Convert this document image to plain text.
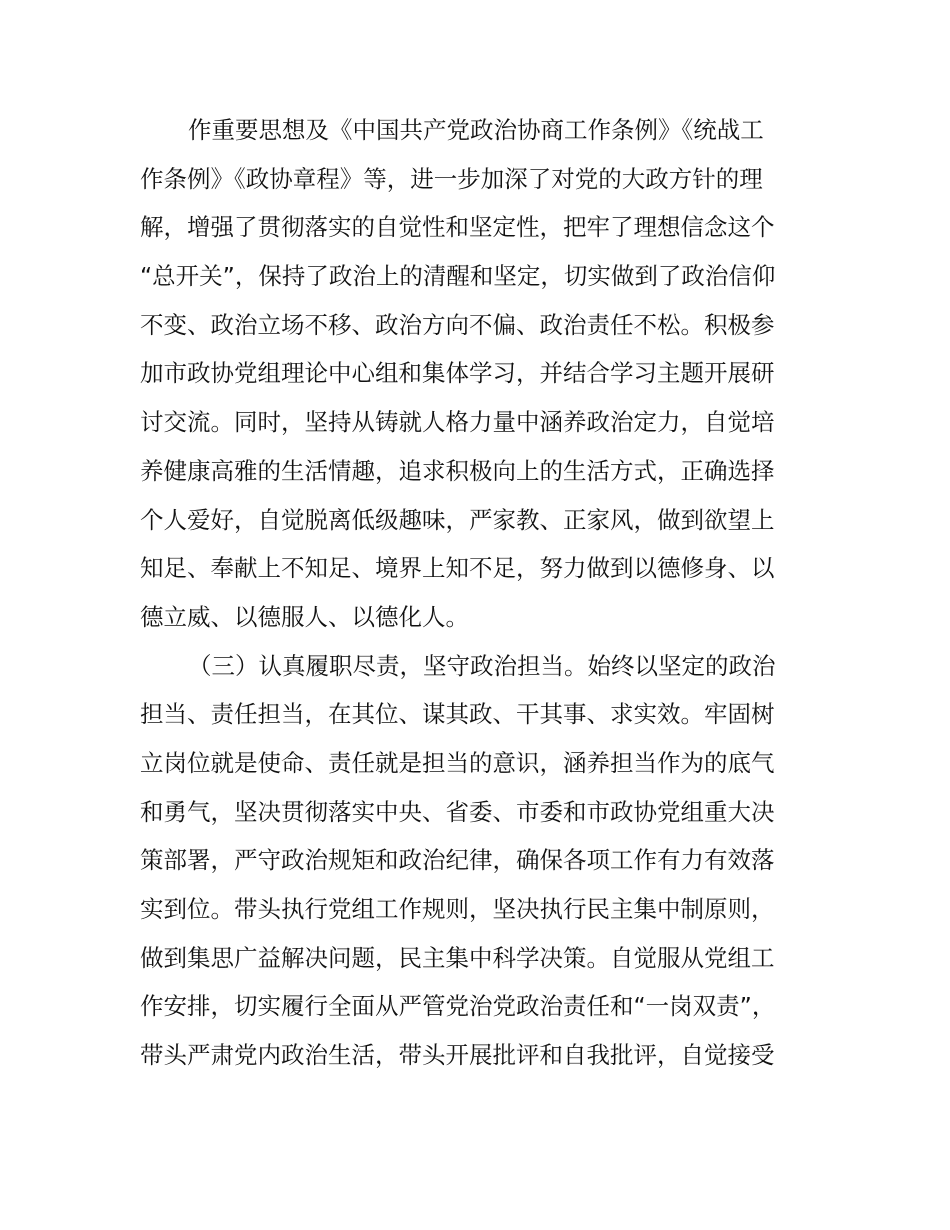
作重要思想及《中国共产党政治协商工作条例》《统战工
作条例》《政协章程》等，进一步加深了对党的大政方针的理
解，增强了贯彻落实的自觉性和坚定性，把牢了理想信念这个
“总开关”，保持了政治上的清醒和坚定，切实做到了政治信仰
不变、政治立场不移、政治方向不偏、政治责任不松。积极参
加市政协党组理论中心组和集体学习，并结合学习主题开展研
讨交流。同时，坚持从铸就人格力量中涵养政治定力，自觉培
养健康高雅的生活情趣，追求积极向上的生活方式，正确选择
个人爱好，自觉脱离低级趣味，严家教、正家风，做到欲望上
知足、奉献上不知足、境界上知不足，努力做到以德修身、以
德立威、以德服人、以德化人。
（三）认真履职尽责，坚守政治担当。始终以坚定的政治
担当、责任担当，在其位、谋其政、干其事、求实效。牢固树
立岗位就是使命、责任就是担当的意识，涵养担当作为的底气
和勇气，坚决贯彻落实中央、省委、市委和市政协党组重大决
策部署，严守政治规矩和政治纪律，确保各项工作有力有效落
实到位。带头执行党组工作规则，坚决执行民主集中制原则，
做到集思广益解决问题，民主集中科学决策。自觉服从党组工
作安排，切实履行全面从严管党治党政治责任和“一岗双责”，
带头严肃党内政治生活，带头开展批评和自我批评，自觉接受
